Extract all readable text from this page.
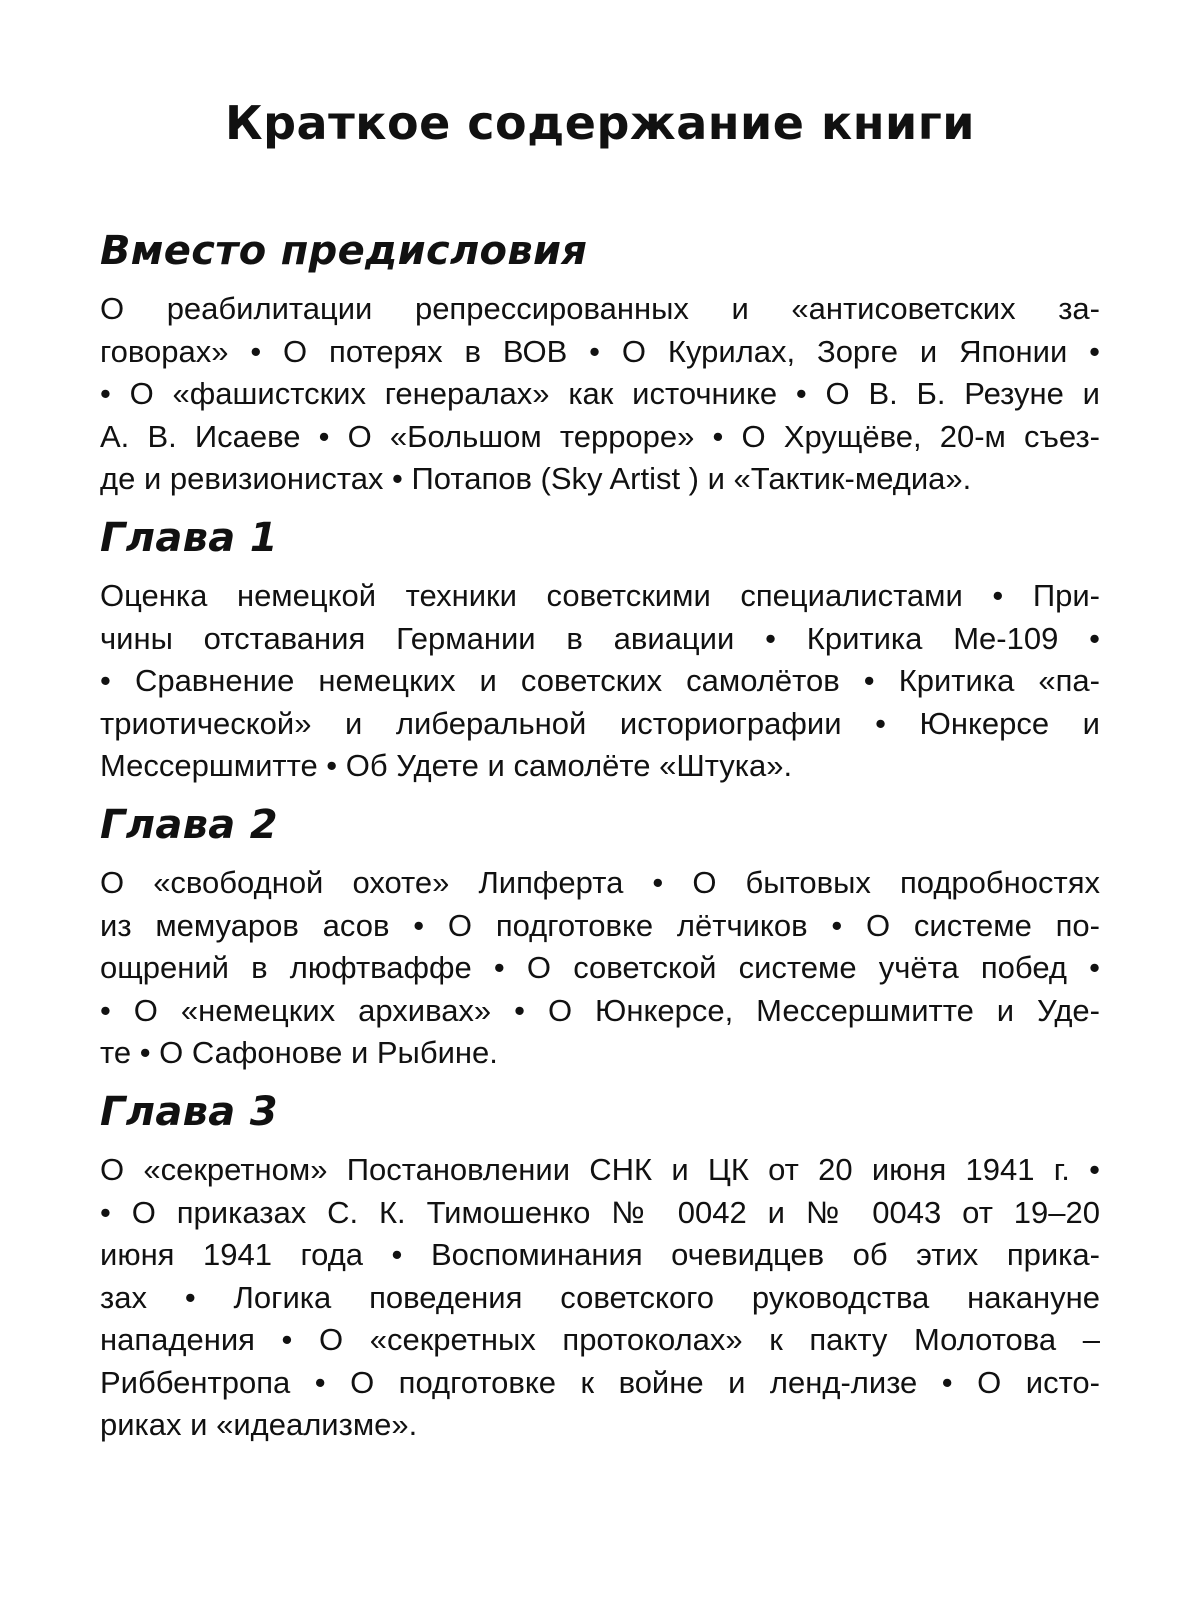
Краткое содержание книги
Вместо предисловия
О реабилитации репрессированных и «антисоветских за-
говорах» • О потерях в ВОВ • О Курилах, Зорге и Японии •
• О «фашистских генералах» как источнике • О В. Б. Резуне и
А. В. Исаеве • О «Большом терроре» • О Хрущёве, 20-м съез-
де и ревизионистах • Потапов (Sky Artist ) и «Тактик-медиа».
Глава 1
Оценка немецкой техники советскими специалистами • При-
чины отставания Германии в авиации • Критика Me-109 •
• Сравнение немецких и советских самолётов • Критика «па-
триотической» и либеральной историографии • Юнкерсе и
Мессершмитте • Об Удете и самолёте «Штука».
Глава 2
О «свободной охоте» Липферта • О бытовых подробностях
из мемуаров асов • О подготовке лётчиков • О системе по-
ощрений в люфтваффе • О советской системе учёта побед •
• О «немецких архивах» • О Юнкерсе, Мессершмитте и Уде-
те • О Сафонове и Рыбине.
Глава 3
О «секретном» Постановлении СНК и ЦК от 20 июня 1941 г. •
• О приказах С. К. Тимошенко № 0042 и № 0043 от 19–20
июня 1941 года • Воспоминания очевидцев об этих прика-
зах • Логика поведения советского руководства накануне
нападения • О «секретных протоколах» к пакту Молотова –
Риббентропа • О подготовке к войне и ленд-лизе • О исто-
риках и «идеализме».
